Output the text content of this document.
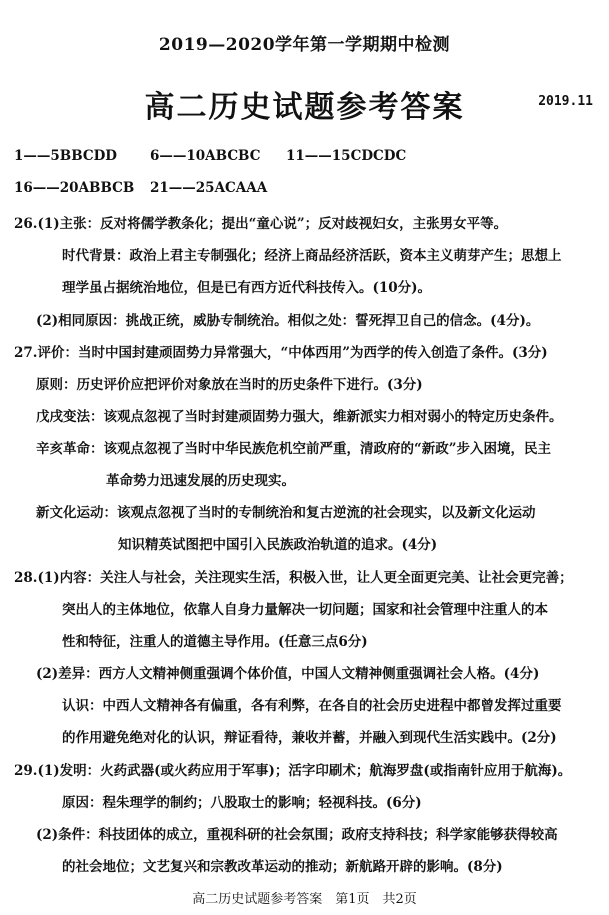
2019—2020学年第一学期期中检测
高二历史试题参考答案	2019.11
1——5BBCDD 6——10ABCBC 11——15CDCDC
16——20ABBCB 21——25ACAAA
26.(1)主张：反对将儒学教条化；提出“童心说”；反对歧视妇女，主张男女平等。
时代背景：政治上君主专制强化；经济上商品经济活跃，资本主义萌芽产生；思想上
理学虽占据统治地位，但是已有西方近代科技传入。(10分)。
(2)相同原因：挑战正统，威胁专制统治。相似之处：誓死捍卫自己的信念。(4分)。
27.评价：当时中国封建顽固势力异常强大，“中体西用”为西学的传入创造了条件。(3分)
原则：历史评价应把评价对象放在当时的历史条件下进行。(3分)
戊戌变法：该观点忽视了当时封建顽固势力强大，维新派实力相对弱小的特定历史条件。
辛亥革命：该观点忽视了当时中华民族危机空前严重，清政府的“新政”步入困境，民主
革命势力迅速发展的历史现实。
新文化运动：该观点忽视了当时的专制统治和复古逆流的社会现实，以及新文化运动
知识精英试图把中国引入民族政治轨道的追求。(4分)
28.(1)内容：关注人与社会，关注现实生活，积极入世，让人更全面更完美、让社会更完善；
突出人的主体地位，依靠人自身力量解决一切问题；国家和社会管理中注重人的本
性和特征，注重人的道德主导作用。(任意三点6分)
(2)差异：西方人文精神侧重强调个体价值，中国人文精神侧重强调社会人格。(4分)
认识：中西人文精神各有偏重，各有利弊，在各自的社会历史进程中都曾发挥过重要
的作用避免绝对化的认识，辩证看待，兼收并蓄，并融入到现代生活实践中。(2分)
29.(1)发明：火药武器(或火药应用于军事)；活字印刷术；航海罗盘(或指南针应用于航海)。
原因：程朱理学的制约；八股取士的影响；轻视科技。(6分)
(2)条件：科技团体的成立，重视科研的社会氛围；政府支持科技；科学家能够获得较高
的社会地位；文艺复兴和宗教改革运动的推动；新航路开辟的影响。(8分)
高二历史试题参考答案　第1页　共2页
